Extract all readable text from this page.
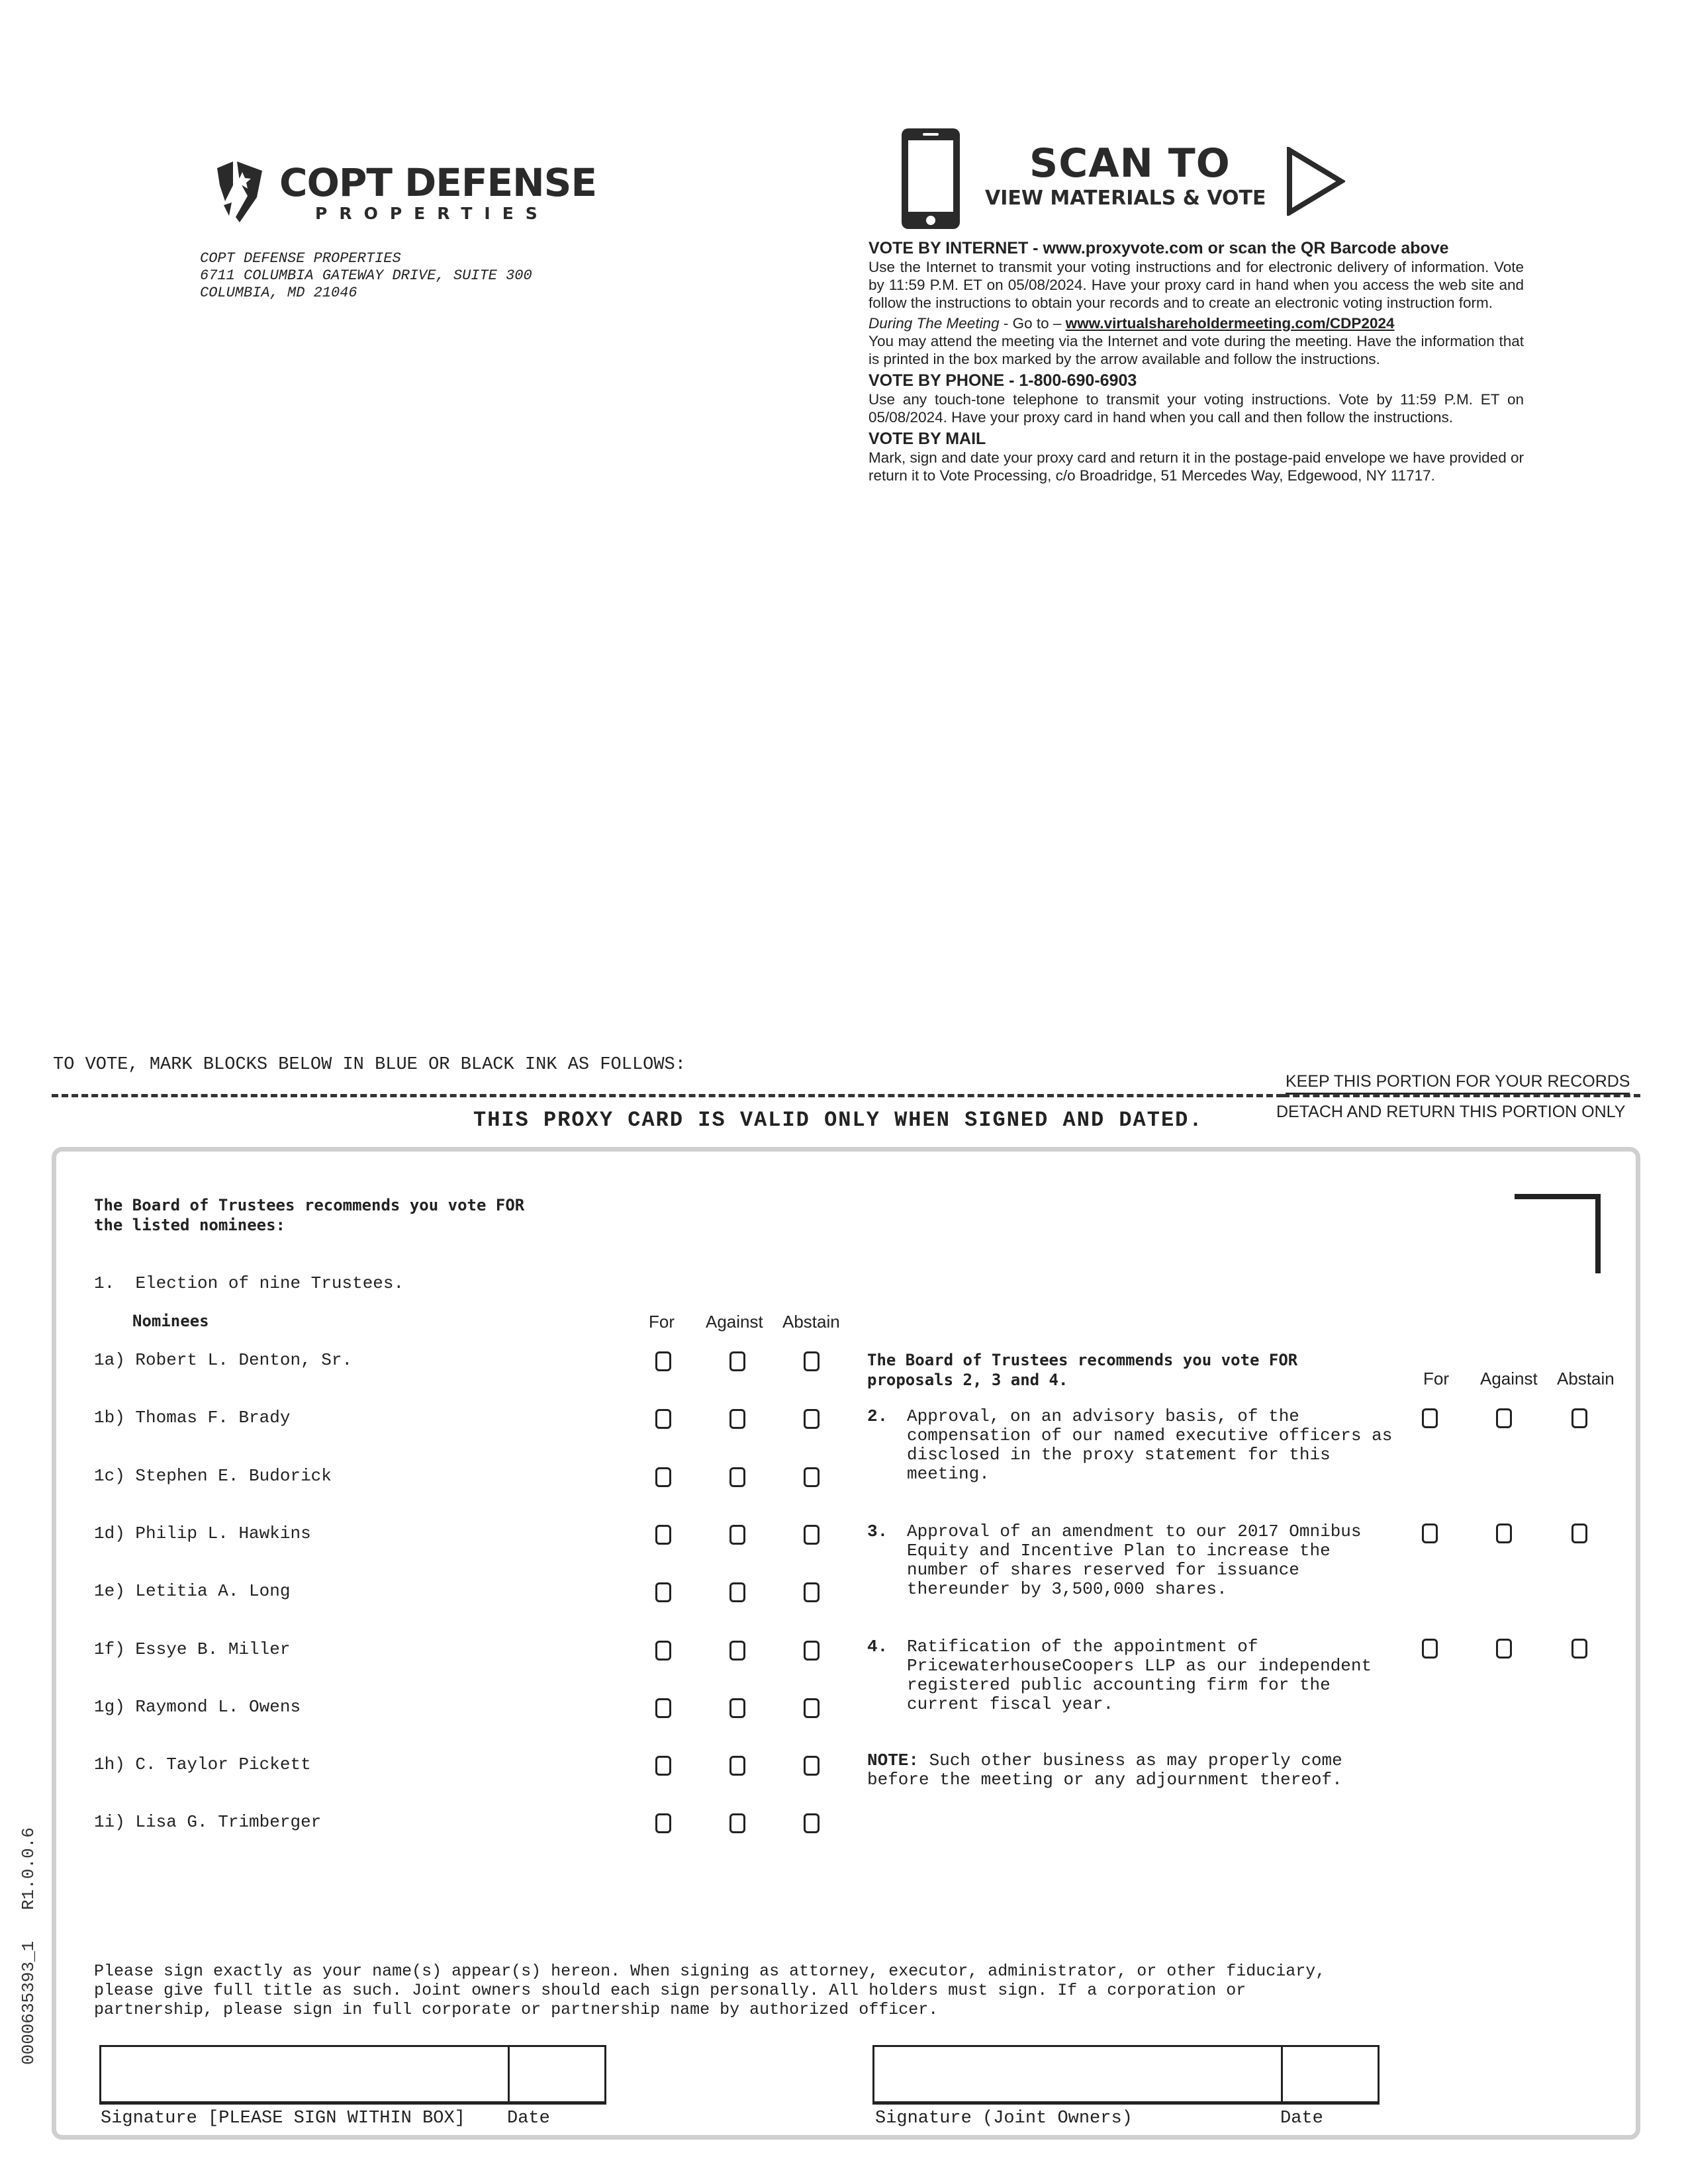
COPT DEFENSE
PROPERTIES
COPT DEFENSE PROPERTIES
6711 COLUMBIA GATEWAY DRIVE, SUITE 300
COLUMBIA, MD 21046
SCAN TO
VIEW MATERIALS & VOTE
VOTE BY INTERNET - www.proxyvote.com or scan the QR Barcode above

Use the Internet to transmit your voting instructions and for electronic delivery of information. Vote by 11:59 P.M. ET on 05/08/2024. Have your proxy card in hand when you access the web site and follow the instructions to obtain your records and to create an electronic voting instruction form.

During The Meeting - Go to – www.virtualshareholdermeeting.com/CDP2024

You may attend the meeting via the Internet and vote during the meeting. Have the information that is printed in the box marked by the arrow available and follow the instructions.

VOTE BY PHONE - 1-800-690-6903

Use any touch-tone telephone to transmit your voting instructions. Vote by 11:59 P.M. ET on 05/08/2024. Have your proxy card in hand when you call and then follow the instructions.

VOTE BY MAIL

Mark, sign and date your proxy card and return it in the postage-paid envelope we have provided or return it to Vote Processing, c/o Broadridge, 51 Mercedes Way, Edgewood, NY 11717.

TO VOTE, MARK BLOCKS BELOW IN BLUE OR BLACK INK AS FOLLOWS:
KEEP THIS PORTION FOR YOUR RECORDS
THIS PROXY CARD IS VALID ONLY WHEN SIGNED AND DATED.	DETACH AND RETURN THIS PORTION ONLY
The Board of Trustees recommends you vote FOR
the listed nominees:
1. Election of nine Trustees.
Nominees	For Against Abstain
1a) Robert L. Denton, Sr.
1b) Thomas F. Brady
1c) Stephen E. Budorick
1d) Philip L. Hawkins
1e) Letitia A. Long
1f) Essye B. Miller
1g) Raymond L. Owens
1h) C. Taylor Pickett
1i) Lisa G. Trimberger
The Board of Trustees recommends you vote FOR
proposals 2, 3 and 4.	For Against Abstain
2. Approval, on an advisory basis, of the
compensation of our named executive officers as
disclosed in the proxy statement for this
meeting.
3. Approval of an amendment to our 2017 Omnibus
Equity and Incentive Plan to increase the
number of shares reserved for issuance
thereunder by 3,500,000 shares.
4. Ratification of the appointment of
PricewaterhouseCoopers LLP as our independent
registered public accounting firm for the
current fiscal year.
NOTE: Such other business as may properly come
before the meeting or any adjournment thereof.
Please sign exactly as your name(s) appear(s) hereon. When signing as attorney, executor, administrator, or other fiduciary,
please give full title as such. Joint owners should each sign personally. All holders must sign. If a corporation or
partnership, please sign in full corporate or partnership name by authorized officer.
Signature [PLEASE SIGN WITHIN BOX] Date	Signature (Joint Owners)	Date
0000635393_1   R1.0.0.6
